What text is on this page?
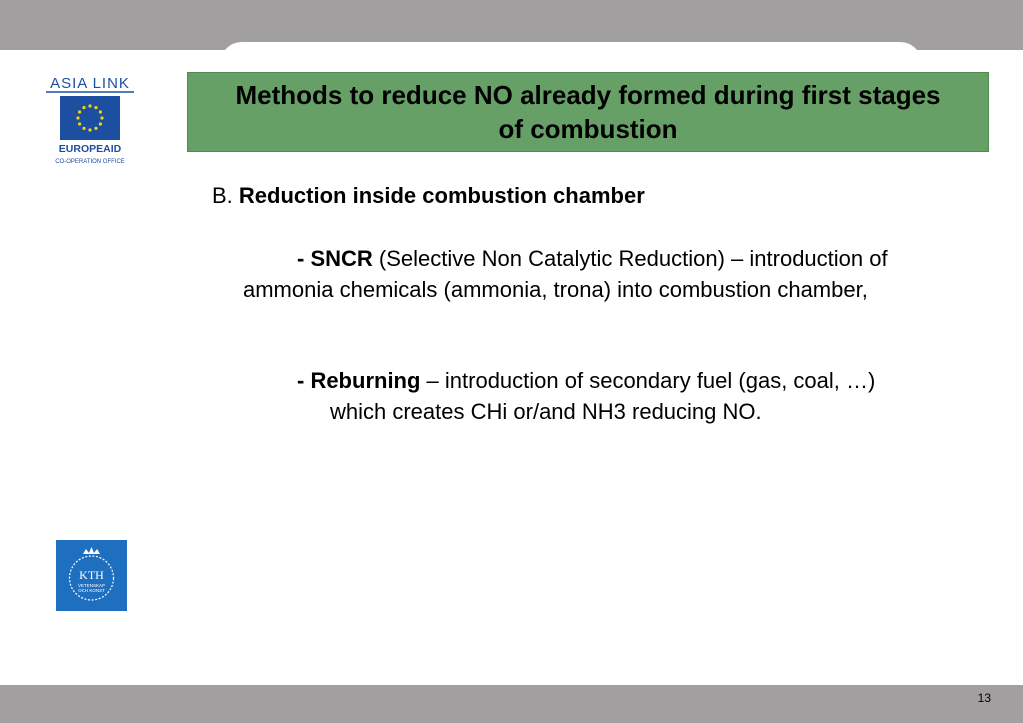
ASIA LINK
EUROPEAID
CO-OPERATION OFFICE
KTH
VETENSKAP
OCH KONST
Methods to reduce NO already formed during first stages of combustion
B. Reduction inside combustion chamber
- SNCR (Selective Non Catalytic Reduction) – introduction of ammonia chemicals (ammonia, trona) into combustion chamber,
- Reburning – introduction of secondary fuel (gas, coal, …)
which creates CHi or/and NH3 reducing NO.
13
